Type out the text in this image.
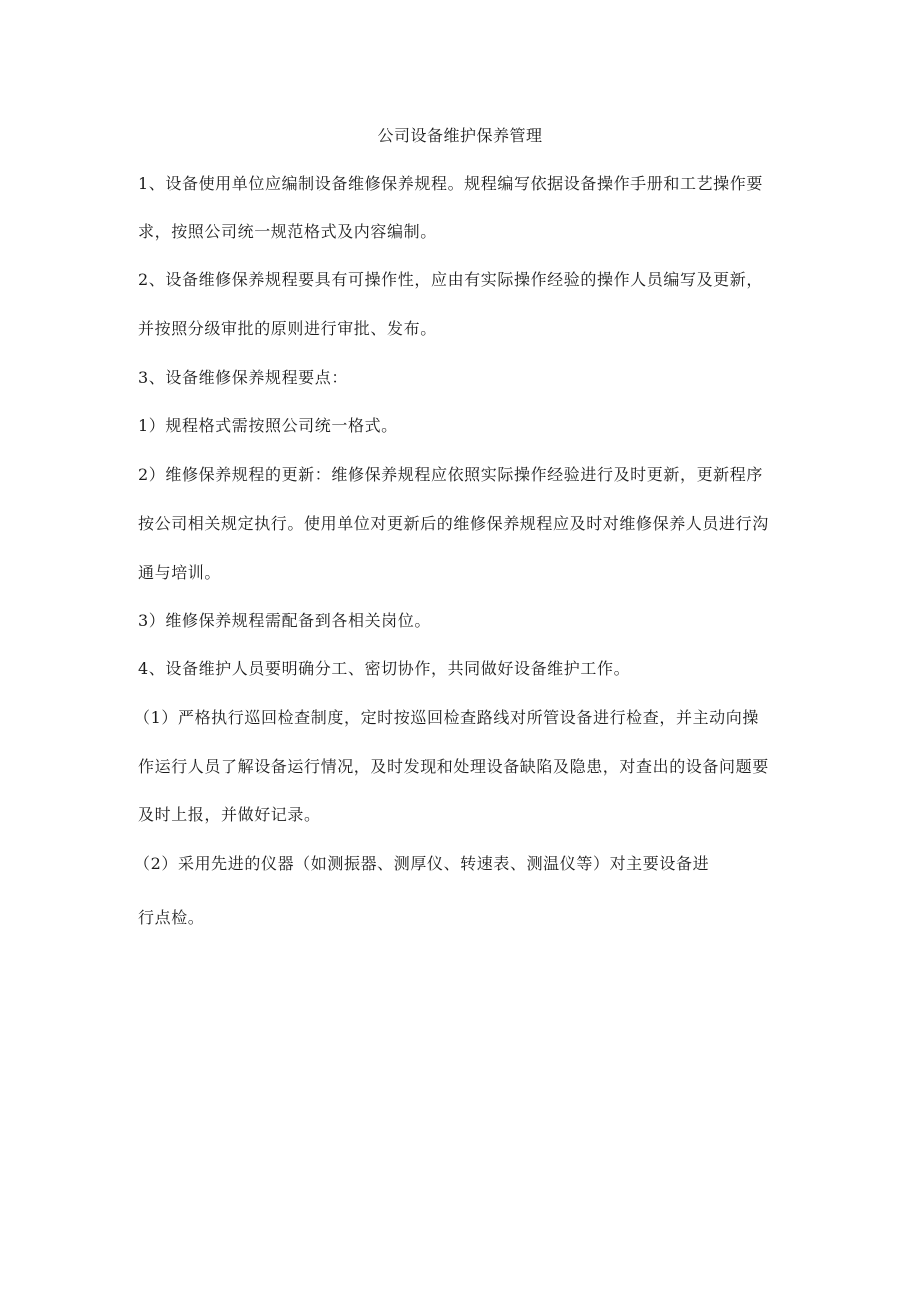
公司设备维护保养管理
1、设备使用单位应编制设备维修保养规程。规程编写依据设备操作手册和工艺操作要
求，按照公司统一规范格式及内容编制。
2、设备维修保养规程要具有可操作性，应由有实际操作经验的操作人员编写及更新，
并按照分级审批的原则进行审批、发布。
3、设备维修保养规程要点：
1）规程格式需按照公司统一格式。
2）维修保养规程的更新：维修保养规程应依照实际操作经验进行及时更新，更新程序
按公司相关规定执行。使用单位对更新后的维修保养规程应及时对维修保养人员进行沟
通与培训。
3）维修保养规程需配备到各相关岗位。
4、设备维护人员要明确分工、密切协作，共同做好设备维护工作。
（1）严格执行巡回检查制度，定时按巡回检查路线对所管设备进行检查，并主动向操
作运行人员了解设备运行情况，及时发现和处理设备缺陷及隐患，对查出的设备问题要
及时上报，并做好记录。
（2）采用先进的仪器（如测振器、测厚仪、转速表、测温仪等）对主要设备进
行点检。
